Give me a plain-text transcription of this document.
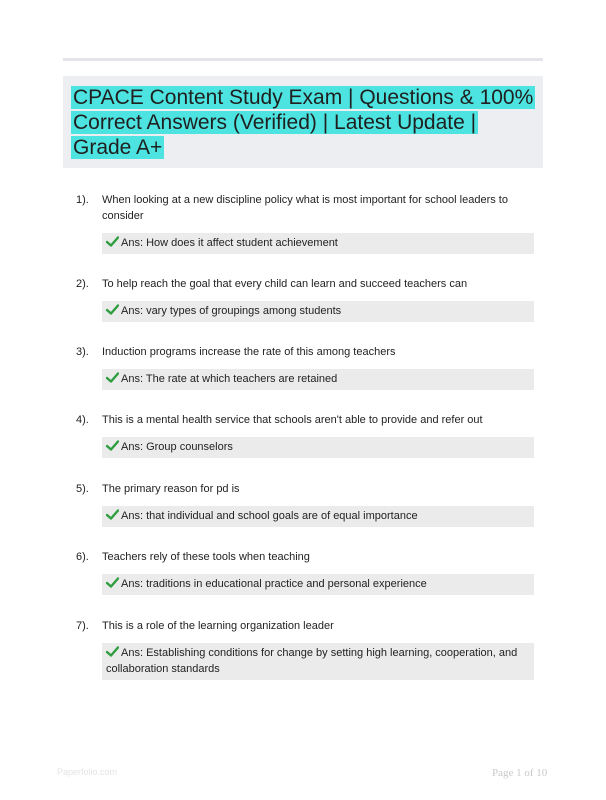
CPACE Content Study Exam | Questions & 100% Correct Answers (Verified) | Latest Update | Grade A+
1). When looking at a new discipline policy what is most important for school leaders to consider
Ans: How does it affect student achievement
2). To help reach the goal that every child can learn and succeed teachers can
Ans: vary types of groupings among students
3). Induction programs increase the rate of this among teachers
Ans: The rate at which teachers are retained
4). This is a mental health service that schools aren't able to provide and refer out
Ans: Group counselors
5). The primary reason for pd is
Ans: that individual and school goals are of equal importance
6). Teachers rely of these tools when teaching
Ans: traditions in educational practice and personal experience
7). This is a role of the learning organization leader
Ans: Establishing conditions for change by setting high learning, cooperation, and collaboration standards
Paperfolio.com	Page 1 of 10
